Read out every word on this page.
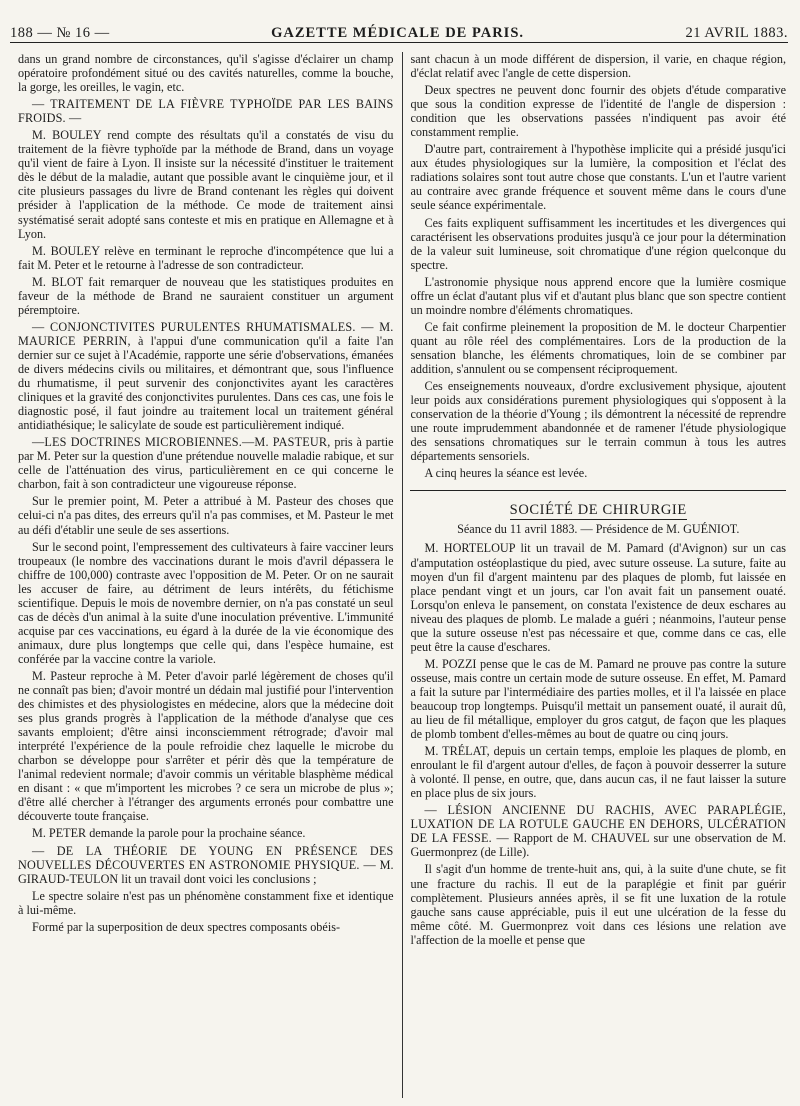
188 — № 16 —	GAZETTE MÉDICALE DE PARIS.	21 AVRIL 1883.

dans un grand nombre de circonstances, qu'il s'agisse d'éclairer un champ opératoire profondément situé ou des cavités naturelles, comme la bouche, la gorge, les oreilles, le vagin, etc.

— TRAITEMENT DE LA FIÈVRE TYPHOÏDE PAR LES BAINS FROIDS. —

M. BOULEY rend compte des résultats qu'il a constatés de visu du traitement de la fièvre typhoïde par la méthode de Brand, dans un voyage qu'il vient de faire à Lyon. Il insiste sur la nécessité d'instituer le traitement dès le début de la maladie, autant que possible avant le cinquième jour, et il cite plusieurs passages du livre de Brand contenant les règles qui doivent présider à l'application de la méthode. Ce mode de traitement ainsi systématisé serait adopté sans conteste et mis en pratique en Allemagne et à Lyon.

M. BOULEY relève en terminant le reproche d'incompétence que lui a fait M. Peter et le retourne à l'adresse de son contradicteur.

M. BLOT fait remarquer de nouveau que les statistiques produites en faveur de la méthode de Brand ne sauraient constituer un argument péremptoire.

— CONJONCTIVITES PURULENTES RHUMATISMALES. — M. MAURICE PERRIN, à l'appui d'une communication qu'il a faite l'an dernier sur ce sujet à l'Académie, rapporte une série d'observations, émanées de divers médecins civils ou militaires, et démontrant que, sous l'influence du rhumatisme, il peut survenir des conjonctivites ayant les caractères cliniques et la gravité des conjonctivites purulentes. Dans ces cas, une fois le diagnostic posé, il faut joindre au traitement local un traitement général antidiathésique; le salicylate de soude est particulièrement indiqué.

—LES DOCTRINES MICROBIENNES.—M. PASTEUR, pris à partie par M. Peter sur la question d'une prétendue nouvelle maladie rabique, et sur celle de l'atténuation des virus, particulièrement en ce qui concerne le charbon, fait à son contradicteur une vigoureuse réponse.

Sur le premier point, M. Peter a attribué à M. Pasteur des choses que celui-ci n'a pas dites, des erreurs qu'il n'a pas commises, et M. Pasteur le met au défi d'établir une seule de ses assertions.

Sur le second point, l'empressement des cultivateurs à faire vacciner leurs troupeaux (le nombre des vaccinations durant le mois d'avril dépassera le chiffre de 100,000) contraste avec l'opposition de M. Peter. Or on ne saurait les accuser de faire, au détriment de leurs intérêts, du fétichisme scientifique. Depuis le mois de novembre dernier, on n'a pas constaté un seul cas de décès d'un animal à la suite d'une inoculation préventive. L'immunité acquise par ces vaccinations, eu égard à la durée de la vie économique des animaux, dure plus longtemps que celle qui, dans l'espèce humaine, est conférée par la vaccine contre la variole.

M. Pasteur reproche à M. Peter d'avoir parlé légèrement de choses qu'il ne connaît pas bien; d'avoir montré un dédain mal justifié pour l'intervention des chimistes et des physiologistes en médecine, alors que la médecine doit ses plus grands progrès à l'application de la méthode d'analyse que ces savants emploient; d'être ainsi inconsciemment rétrograde; d'avoir mal interprété l'expérience de la poule refroidie chez laquelle le microbe du charbon se développe pour s'arrêter et périr dès que la température de l'animal redevient normale; d'avoir commis un véritable blasphème médical en disant : « que m'importent les microbes ? ce sera un microbe de plus »; d'être allé chercher à l'étranger des arguments erronés pour combattre une découverte toute française.

M. PETER demande la parole pour la prochaine séance.

— DE LA THÉORIE DE YOUNG EN PRÉSENCE DES NOUVELLES DÉCOUVERTES EN ASTRONOMIE PHYSIQUE. — M. GIRAUD-TEULON lit un travail dont voici les conclusions ;

Le spectre solaire n'est pas un phénomène constamment fixe et identique à lui-même.

Formé par la superposition de deux spectres composants obéis-

sant chacun à un mode différent de dispersion, il varie, en chaque région, d'éclat relatif avec l'angle de cette dispersion.

Deux spectres ne peuvent donc fournir des objets d'étude comparative que sous la condition expresse de l'identité de l'angle de dispersion : condition que les observations passées n'indiquent pas avoir été constamment remplie.

D'autre part, contrairement à l'hypothèse implicite qui a présidé jusqu'ici aux études physiologiques sur la lumière, la composition et l'éclat des radiations solaires sont tout autre chose que constants. L'un et l'autre varient au contraire avec grande fréquence et souvent même dans le cours d'une seule séance expérimentale.

Ces faits expliquent suffisamment les incertitudes et les divergences qui caractérisent les observations produites jusqu'à ce jour pour la détermination de la valeur suit lumineuse, soit chromatique d'une région quelconque du spectre.

L'astronomie physique nous apprend encore que la lumière cosmique offre un éclat d'autant plus vif et d'autant plus blanc que son spectre contient un moindre nombre d'éléments chromatiques.

Ce fait confirme pleinement la proposition de M. le docteur Charpentier quant au rôle réel des complémentaires. Lors de la production de la sensation blanche, les éléments chromatiques, loin de se combiner par addition, s'annulent ou se compensent réciproquement.

Ces enseignements nouveaux, d'ordre exclusivement physique, ajoutent leur poids aux considérations purement physiologiques qui s'opposent à la conservation de la théorie d'Young ; ils démontrent la nécessité de reprendre une route imprudemment abandonnée et de ramener l'étude physiologique des sensations chromatiques sur le terrain commun à tous les autres départements sensoriels.

A cinq heures la séance est levée.

SOCIÉTÉ DE CHIRURGIE
Séance du 11 avril 1883. — Présidence de M. GUÉNIOT.

M. HORTELOUP lit un travail de M. Pamard (d'Avignon) sur un cas d'amputation ostéoplastique du pied, avec suture osseuse. La suture, faite au moyen d'un fil d'argent maintenu par des plaques de plomb, fut laissée en place pendant vingt et un jours, car l'on avait fait un pansement ouaté. Lorsqu'on enleva le pansement, on constata l'existence de deux eschares au niveau des plaques de plomb. Le malade a guéri ; néanmoins, l'auteur pense que la suture osseuse n'est pas nécessaire et que, comme dans ce cas, elle peut être la cause d'eschares.

M. POZZI pense que le cas de M. Pamard ne prouve pas contre la suture osseuse, mais contre un certain mode de suture osseuse. En effet, M. Pamard a fait la suture par l'intermédiaire des parties molles, et il l'a laissée en place beaucoup trop longtemps. Puisqu'il mettait un pansement ouaté, il aurait dû, au lieu de fil métallique, employer du gros catgut, de façon que les plaques de plomb tombent d'elles-mêmes au bout de quatre ou cinq jours.

M. TRÉLAT, depuis un certain temps, emploie les plaques de plomb, en enroulant le fil d'argent autour d'elles, de façon à pouvoir desserrer la suture à volonté. Il pense, en outre, que, dans aucun cas, il ne faut laisser la suture en place plus de six jours.

— LÉSION ANCIENNE DU RACHIS, AVEC PARAPLÉGIE, LUXATION DE LA ROTULE GAUCHE EN DEHORS, ULCÉRATION DE LA FESSE. — Rapport de M. CHAUVEL sur une observation de M. Guermonprez (de Lille).

Il s'agit d'un homme de trente-huit ans, qui, à la suite d'une chute, se fit une fracture du rachis. Il eut de la paraplégie et finit par guérir complètement. Plusieurs années après, il se fit une luxation de la rotule gauche sans cause appréciable, puis il eut une ulcération de la fesse du même côté. M. Guermonprez voit dans ces lésions une relation ave l'affection de la moelle et pense que
